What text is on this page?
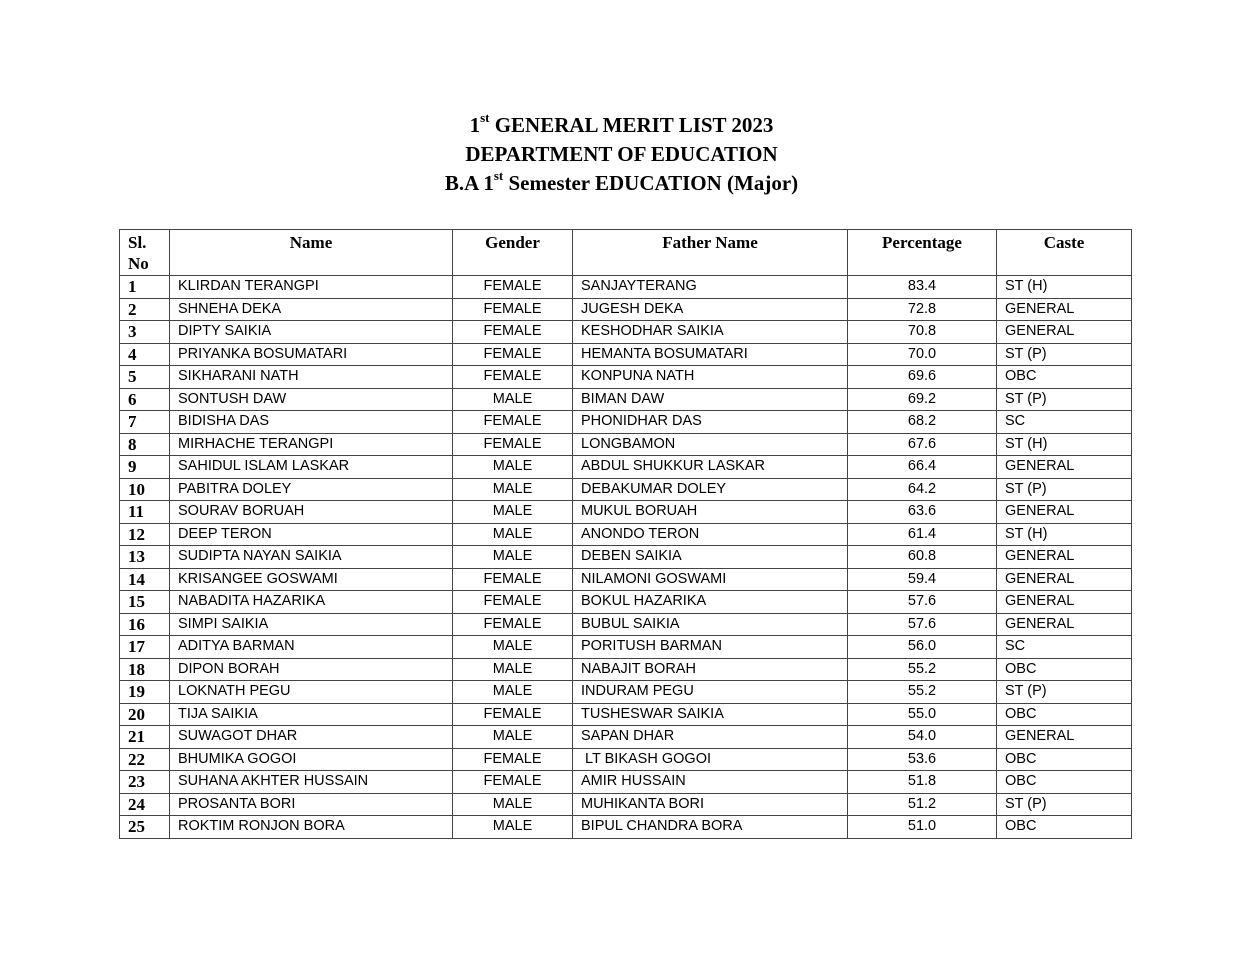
1st GENERAL MERIT LIST 2023
DEPARTMENT OF EDUCATION
B.A 1st Semester EDUCATION (Major)
Sl. No	Name	Gender	Father Name	Percentage	Caste
1	KLIRDAN TERANGPI	FEMALE	SANJAYTERANG	83.4	ST (H)
2	SHNEHA DEKA	FEMALE	JUGESH DEKA	72.8	GENERAL
3	DIPTY SAIKIA	FEMALE	KESHODHAR SAIKIA	70.8	GENERAL
4	PRIYANKA BOSUMATARI	FEMALE	HEMANTA BOSUMATARI	70.0	ST (P)
5	SIKHARANI NATH	FEMALE	KONPUNA NATH	69.6	OBC
6	SONTUSH DAW	MALE	BIMAN DAW	69.2	ST (P)
7	BIDISHA DAS	FEMALE	PHONIDHAR DAS	68.2	SC
8	MIRHACHE TERANGPI	FEMALE	LONGBAMON	67.6	ST (H)
9	SAHIDUL ISLAM LASKAR	MALE	ABDUL SHUKKUR LASKAR	66.4	GENERAL
10	PABITRA DOLEY	MALE	DEBAKUMAR DOLEY	64.2	ST (P)
11	SOURAV BORUAH	MALE	MUKUL BORUAH	63.6	GENERAL
12	DEEP TERON	MALE	ANONDO TERON	61.4	ST (H)
13	SUDIPTA NAYAN SAIKIA	MALE	DEBEN SAIKIA	60.8	GENERAL
14	KRISANGEE GOSWAMI	FEMALE	NILAMONI GOSWAMI	59.4	GENERAL
15	NABADITA HAZARIKA	FEMALE	BOKUL HAZARIKA	57.6	GENERAL
16	SIMPI SAIKIA	FEMALE	BUBUL SAIKIA	57.6	GENERAL
17	ADITYA BARMAN	MALE	PORITUSH BARMAN	56.0	SC
18	DIPON BORAH	MALE	NABAJIT BORAH	55.2	OBC
19	LOKNATH PEGU	MALE	INDURAM PEGU	55.2	ST (P)
20	TIJA SAIKIA	FEMALE	TUSHESWAR SAIKIA	55.0	OBC
21	SUWAGOT DHAR	MALE	SAPAN DHAR	54.0	GENERAL
22	BHUMIKA GOGOI	FEMALE	LT BIKASH GOGOI	53.6	OBC
23	SUHANA AKHTER HUSSAIN	FEMALE	AMIR HUSSAIN	51.8	OBC
24	PROSANTA BORI	MALE	MUHIKANTA BORI	51.2	ST (P)
25	ROKTIM RONJON BORA	MALE	BIPUL CHANDRA BORA	51.0	OBC
